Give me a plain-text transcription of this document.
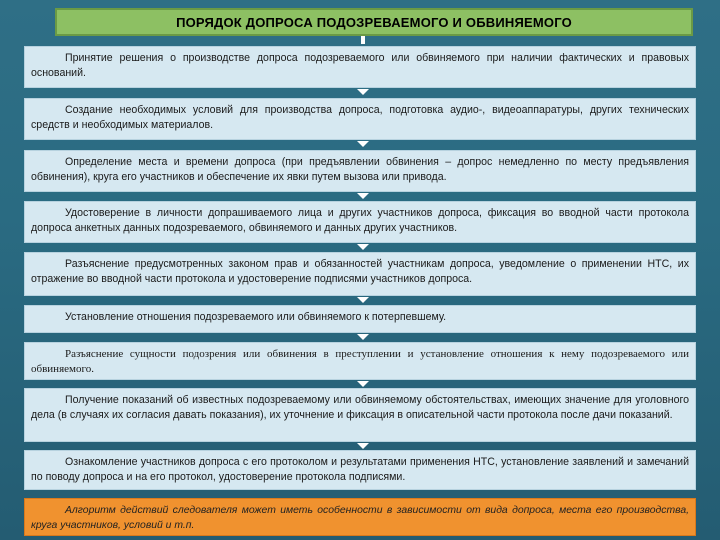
ПОРЯДОК ДОПРОСА ПОДОЗРЕВАЕМОГО И ОБВИНЯЕМОГО
Принятие решения о производстве допроса подозреваемого или обвиняемого при наличии фактических и правовых оснований.
Создание необходимых условий для производства допроса, подготовка аудио-, видеоаппаратуры, других технических средств и необходимых материалов.
Определение места и времени допроса (при предъявлении обвинения – допрос немедленно по месту предъявления обвинения), круга его участников и обеспечение их явки путем вызова или привода.
Удостоверение в личности допрашиваемого лица и других участников допроса, фиксация во вводной части протокола допроса анкетных данных подозреваемого, обвиняемого и данных других участников.
Разъяснение предусмотренных законом прав и обязанностей участникам допроса, уведомление о применении НТС, их отражение во вводной части протокола и удостоверение подписями участников допроса.
Установление отношения подозреваемого или обвиняемого к потерпевшему.
Разъяснение сущности подозрения или обвинения в преступлении и установление отношения к нему подозреваемого или обвиняемого.
Получение показаний об известных подозреваемому или обвиняемому обстоятельствах, имеющих значение для уголовного дела (в случаях их согласия давать показания), их уточнение и фиксация в описательной части протокола после дачи показаний.
Ознакомление участников допроса с его протоколом и результатами применения НТС, установление заявлений и замечаний по поводу допроса и на его протокол, удостоверение протокола подписями.
Алгоритм действий следователя может иметь особенности в зависимости от вида допроса, места его производства, круга участников, условий и т.п.
